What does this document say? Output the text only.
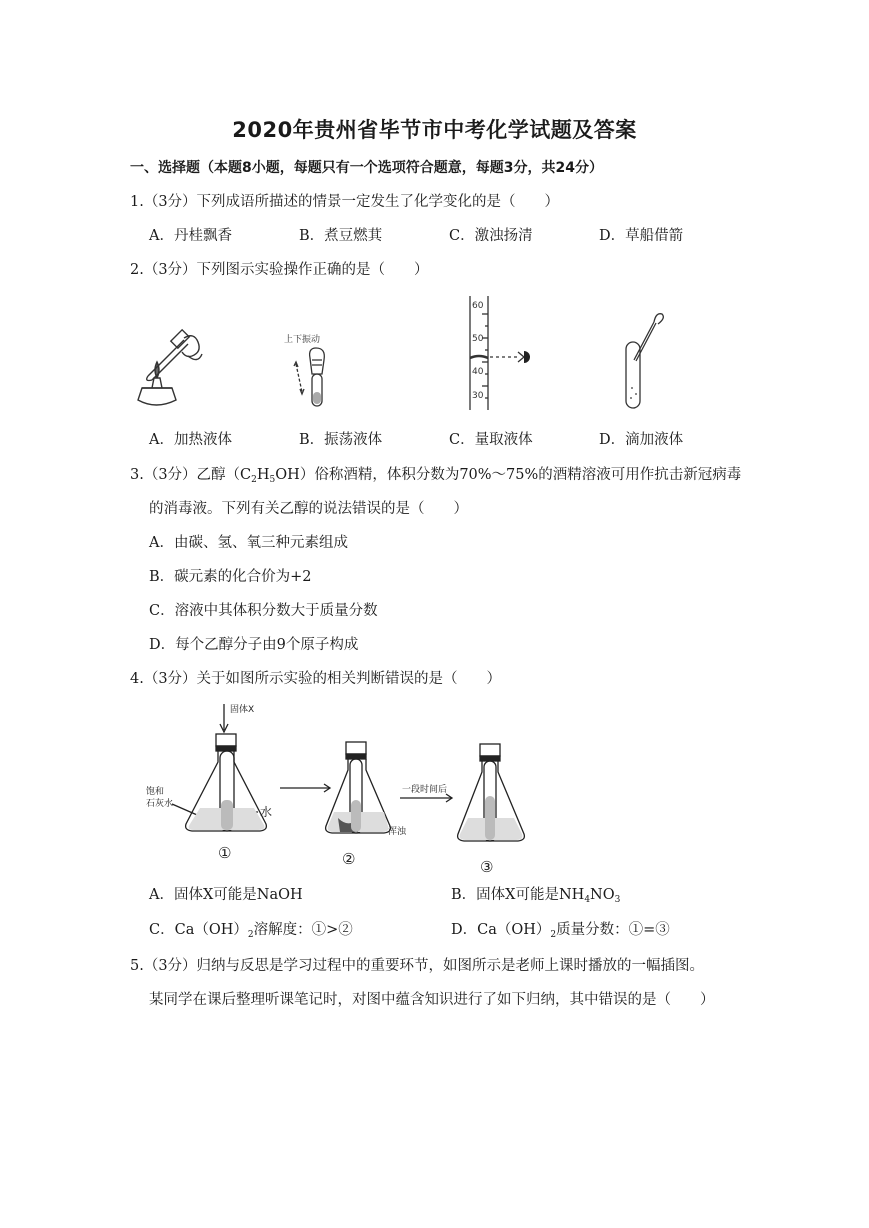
2020年贵州省毕节市中考化学试题及答案
一、选择题（本题8小题，每题只有一个选项符合题意，每题3分，共24分）
1.（3分）下列成语所描述的情景一定发生了化学变化的是（　　）
A．丹桂飘香	B．煮豆燃萁	C．激浊扬清	D．草船借箭
2.（3分）下列图示实验操作正确的是（　　）
上下振动
60
50
40
30
A．加热液体	B．振荡液体	C．量取液体	D．滴加液体
3.（3分）乙醇$(C_2H_5OH)$俗称酒精，体积分数为70%～75%的酒精溶液可用作抗击新冠病毒
的消毒液。下列有关乙醇的说法错误的是（　　）
A．由碳、氢、氧三种元素组成
B．碳元素的化合价为+2
C．溶液中其体积分数大于质量分数
D．每个乙醇分子由9个原子构成
4.（3分）关于如图所示实验的相关判断错误的是（　　）
固体X
饱和
石灰水
水
浑浊
一段时间后
①	②	③
A．固体X可能是NaOH	B．固体X可能是$NH_4NO_3$
C．$Ca(OH)_2$溶解度：①>②	D．$Ca(OH)_2$质量分数：①=③
5.（3分）归纳与反思是学习过程中的重要环节，如图所示是老师上课时播放的一幅插图。
某同学在课后整理听课笔记时，对图中蕴含知识进行了如下归纳，其中错误的是（　　）
